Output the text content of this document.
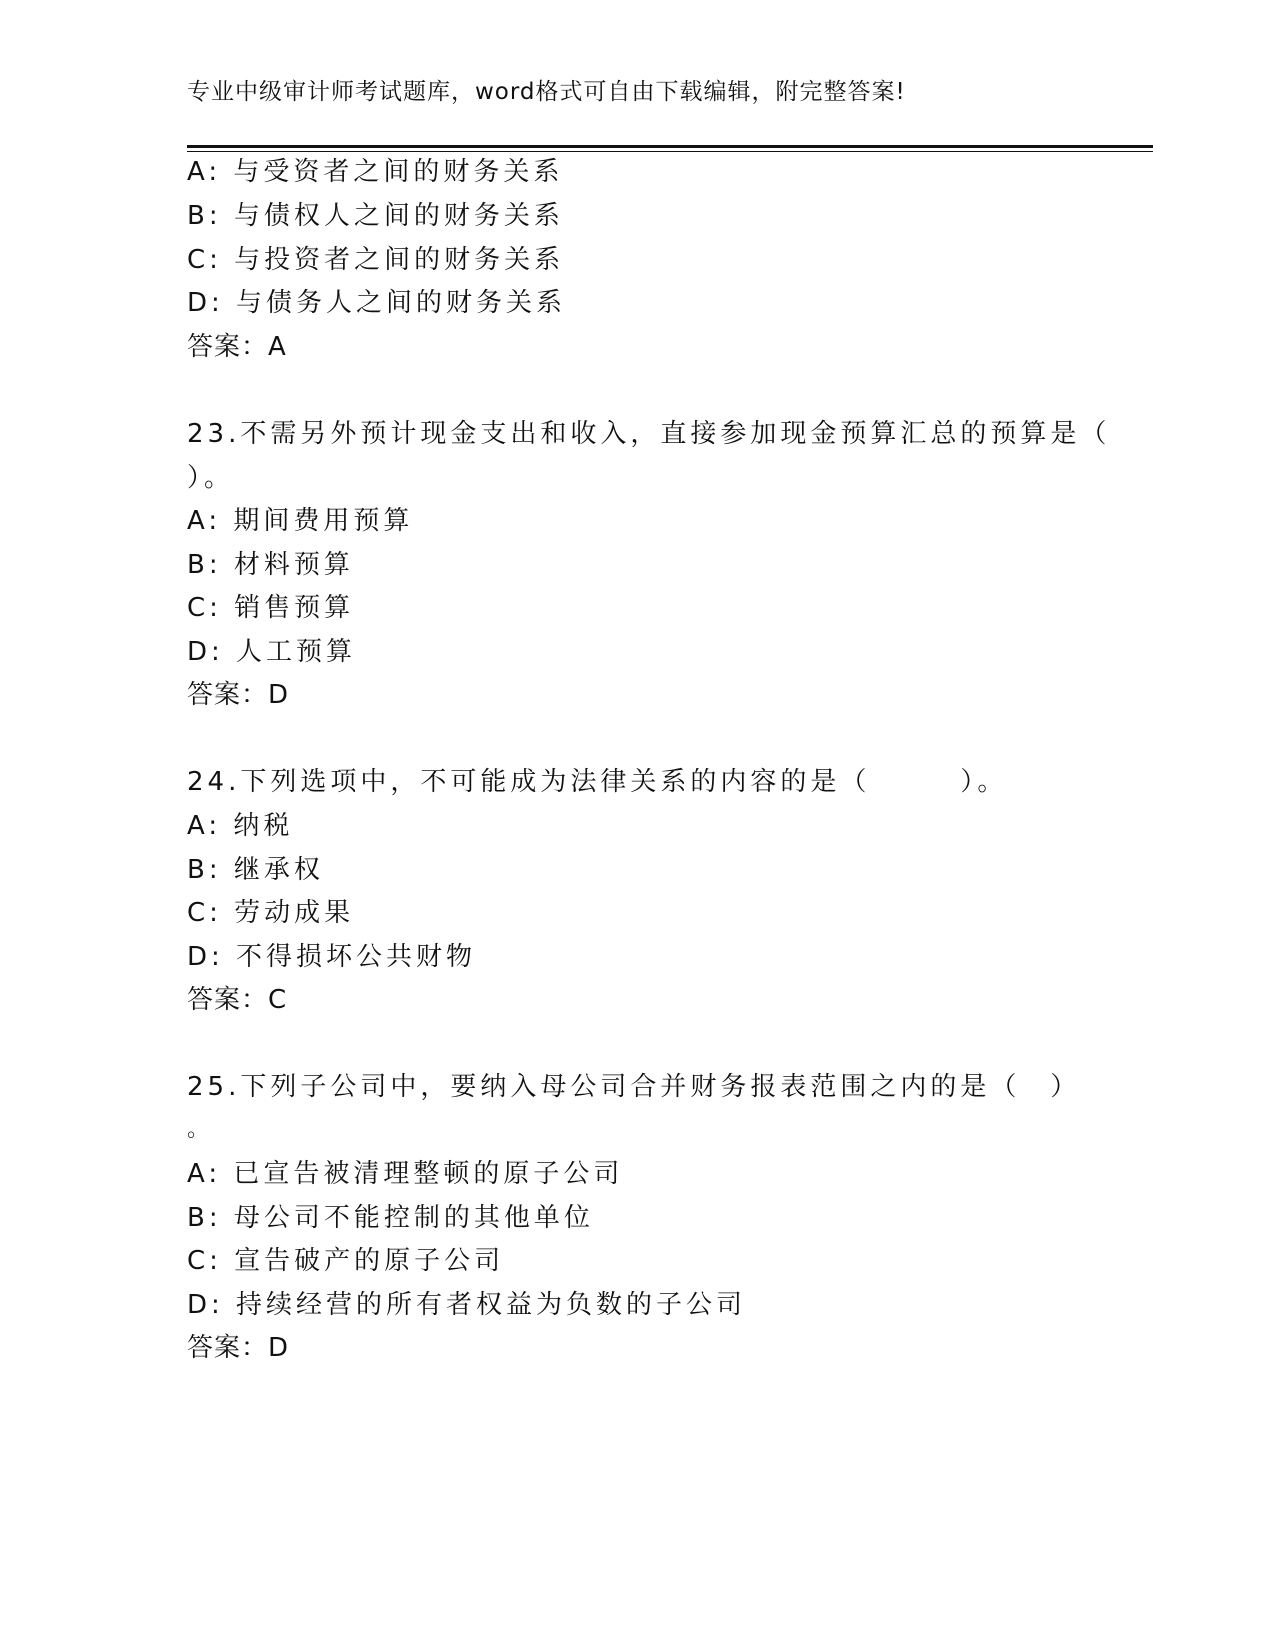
专业中级审计师考试题库，word格式可自由下载编辑，附完整答案!
A: 与受资者之间的财务关系
B: 与债权人之间的财务关系
C: 与投资者之间的财务关系
D: 与债务人之间的财务关系
答案：A
23.不需另外预计现金支出和收入，直接参加现金预算汇总的预算是（
）。
A: 期间费用预算
B: 材料预算
C: 销售预算
D: 人工预算
答案：D
24.下列选项中，不可能成为法律关系的内容的是（　　　）。
A: 纳税
B: 继承权
C: 劳动成果
D: 不得损坏公共财物
答案：C
25.下列子公司中，要纳入母公司合并财务报表范围之内的是（　）
。
A: 已宣告被清理整顿的原子公司
B: 母公司不能控制的其他单位
C: 宣告破产的原子公司
D: 持续经营的所有者权益为负数的子公司
答案：D
